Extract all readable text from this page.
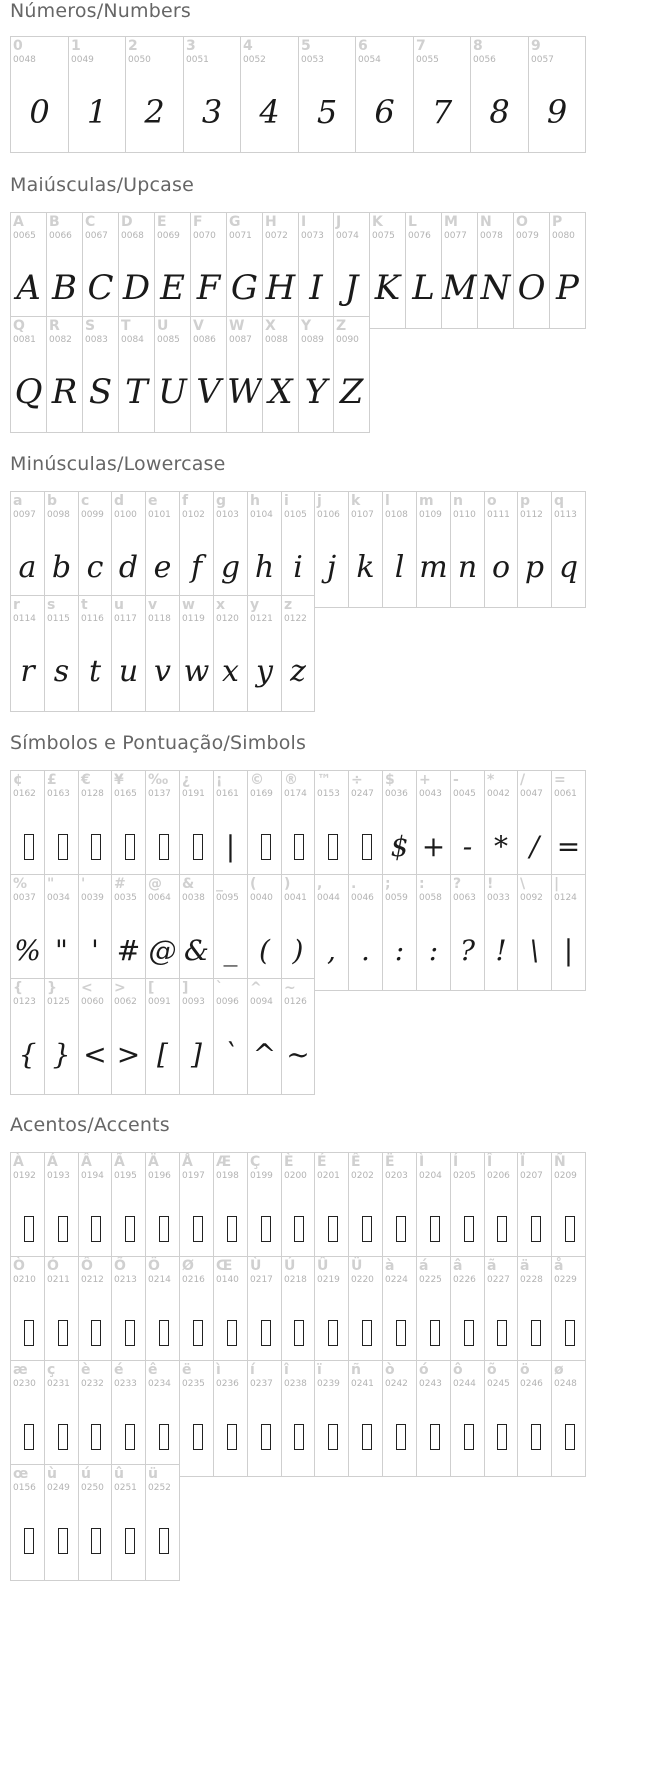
Números/Numbers
0
0048
0
1
0049
1
2
0050
2
3
0051
3
4
0052
4
5
0053
5
6
0054
6
7
0055
7
8
0056
8
9
0057
9
Maiúsculas/Upcase
A
0065
A
B
0066
B
C
0067
C
D
0068
D
E
0069
E
F
0070
F
G
0071
G
H
0072
H
I
0073
I
J
0074
J
K
0075
K
L
0076
L
M
0077
M
N
0078
N
O
0079
O
P
0080
P
Q
0081
Q
R
0082
R
S
0083
S
T
0084
T
U
0085
U
V
0086
V
W
0087
W
X
0088
X
Y
0089
Y
Z
0090
Z
Minúsculas/Lowercase
a
0097
a
b
0098
b
c
0099
c
d
0100
d
e
0101
e
f
0102
f
g
0103
g
h
0104
h
i
0105
i
j
0106
j
k
0107
k
l
0108
l
m
0109
m
n
0110
n
o
0111
o
p
0112
p
q
0113
q
r
0114
r
s
0115
s
t
0116
t
u
0117
u
v
0118
v
w
0119
w
x
0120
x
y
0121
y
z
0122
z
Símbolos e Pontuação/Simbols
¢
0162
£
0163
€
0128
¥
0165
‰
0137
¿
0191
¡
0161
|
©
0169
®
0174
™
0153
÷
0247
$
0036
$
+
0043
+
-
0045
-
*
0042
*
/
0047
/
=
0061
=
%
0037
%
"
0034
"
'
0039
'
#
0035
#
@
0064
@
&
0038
&
_
0095
_
(
0040
(
)
0041
)
,
0044
,
.
0046
.
;
0059
:
:
0058
:
?
0063
?
!
0033
!
\
0092
\
|
0124
|
{
0123
{
}
0125
}
<
0060
<
>
0062
>
[
0091
[
]
0093
]
`
0096
`
^
0094
^
~
0126
~
Acentos/Accents
À
0192
Á
0193
Â
0194
Ã
0195
Ä
0196
Å
0197
Æ
0198
Ç
0199
È
0200
É
0201
Ê
0202
Ë
0203
Ì
0204
Í
0205
Î
0206
Ï
0207
Ñ
0209
Ò
0210
Ó
0211
Ô
0212
Õ
0213
Ö
0214
Ø
0216
Œ
0140
Ù
0217
Ú
0218
Û
0219
Ü
0220
à
0224
á
0225
â
0226
ã
0227
ä
0228
å
0229
æ
0230
ç
0231
è
0232
é
0233
ê
0234
ë
0235
ì
0236
í
0237
î
0238
ï
0239
ñ
0241
ò
0242
ó
0243
ô
0244
õ
0245
ö
0246
ø
0248
œ
0156
ù
0249
ú
0250
û
0251
ü
0252
